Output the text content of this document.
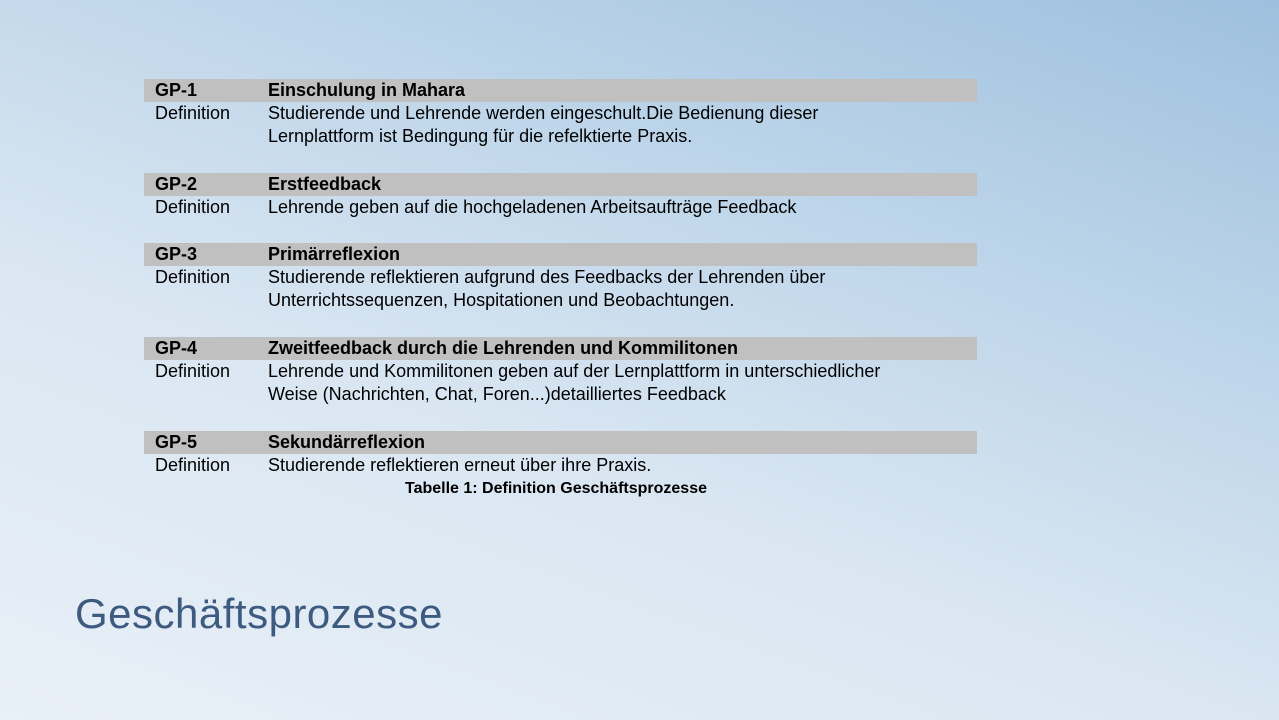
GP-1	Einschulung in Mahara
Definition	Studierende und Lehrende werden eingeschult.Die Bedienung dieser
Lernplattform ist Bedingung für die refelktierte Praxis.
GP-2	Erstfeedback
Definition	Lehrende geben auf die hochgeladenen Arbeitsaufträge Feedback
GP-3	Primärreflexion
Definition	Studierende reflektieren aufgrund des Feedbacks der Lehrenden über
Unterrichtssequenzen, Hospitationen und Beobachtungen.
GP-4	Zweitfeedback durch die Lehrenden und Kommilitonen
Definition	Lehrende und Kommilitonen geben auf der Lernplattform in unterschiedlicher
Weise (Nachrichten, Chat, Foren...)detailliertes Feedback
GP-5	Sekundärreflexion
Definition	Studierende reflektieren erneut über ihre Praxis.
Tabelle 1: Definition Geschäftsprozesse
Geschäftsprozesse
